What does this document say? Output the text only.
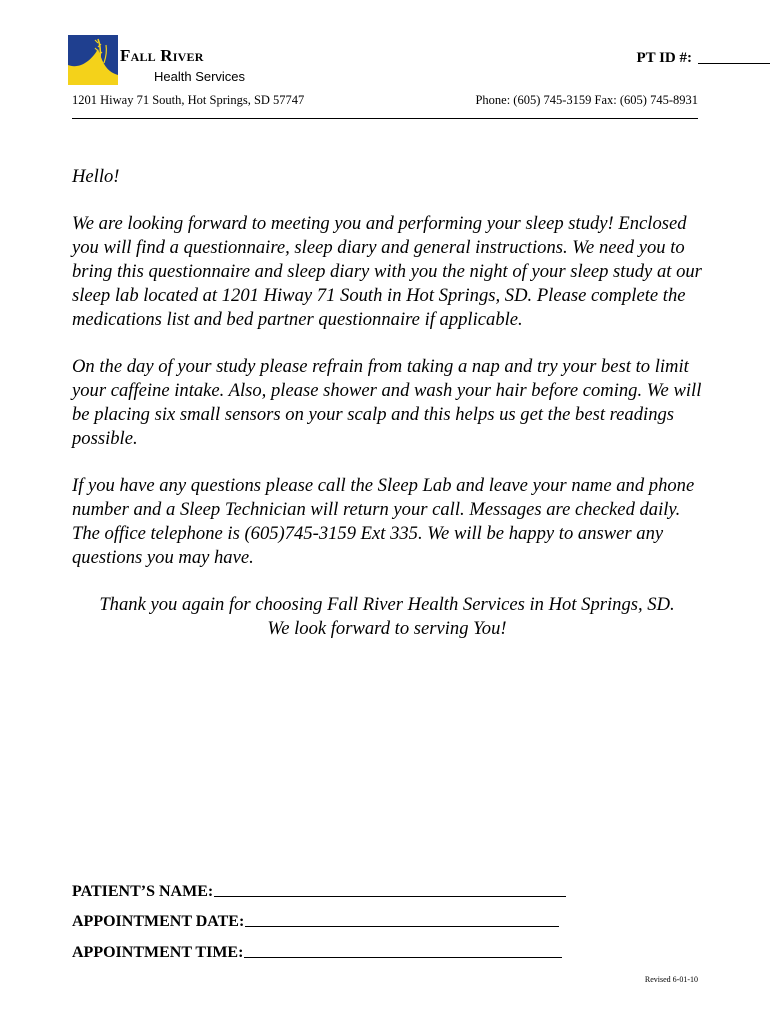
Fall River
Health Services
PT ID #:
1201 Hiway 71 South, Hot Springs, SD 57747	Phone: (605) 745-3159 Fax: (605) 745-8931

Hello!

We are looking forward to meeting you and performing your sleep study! Enclosed you will find a questionnaire, sleep diary and general instructions. We need you to bring this questionnaire and sleep diary with you the night of your sleep study at our sleep lab located at 1201 Hiway 71 South in Hot Springs, SD. Please complete the medications list and bed partner questionnaire if applicable.

On the day of your study please refrain from taking a nap and try your best to limit your caffeine intake. Also, please shower and wash your hair before coming. We will be placing six small sensors on your scalp and this helps us get the best readings possible.

If you have any questions please call the Sleep Lab and leave your name and phone number and a Sleep Technician will return your call. Messages are checked daily. The office telephone is (605)745-3159 Ext 335. We will be happy to answer any questions you may have.

Thank you again for choosing Fall River Health Services in Hot Springs, SD.
We look forward to serving You!

PATIENT’S NAME:
APPOINTMENT DATE:
APPOINTMENT TIME:
Revised 6-01-10
